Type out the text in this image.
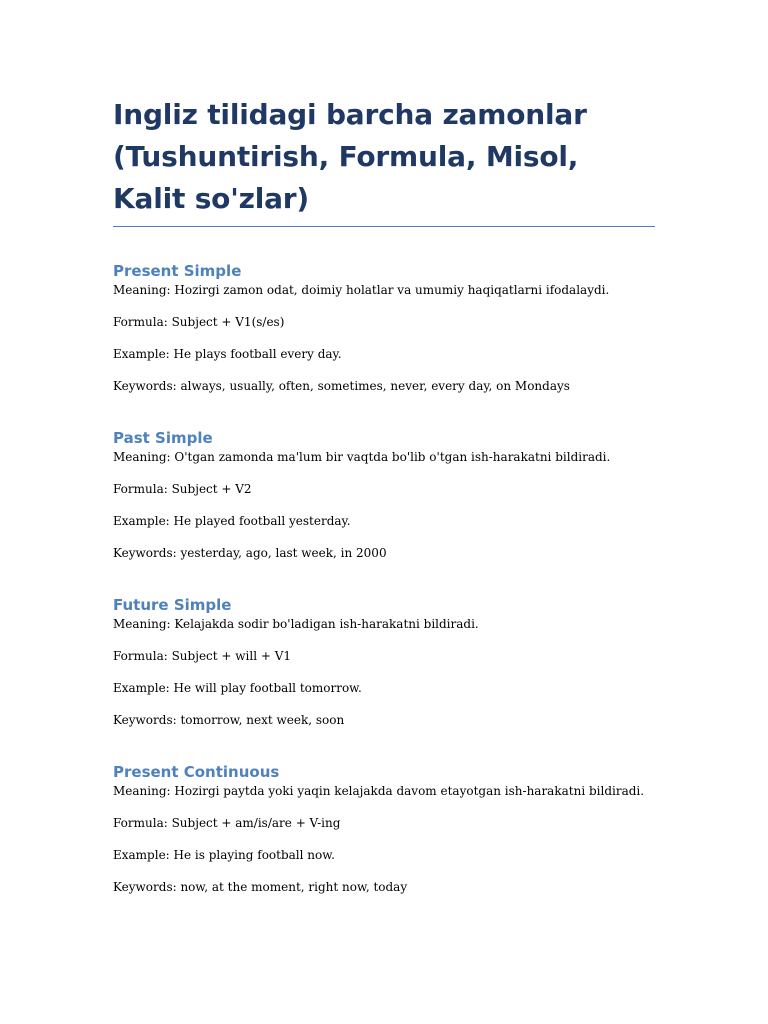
Ingliz tilidagi barcha zamonlar (Tushuntirish, Formula, Misol, Kalit so'zlar)
Present Simple

Meaning: Hozirgi zamon odat, doimiy holatlar va umumiy haqiqatlarni ifodalaydi.

Formula: Subject + V1(s/es)

Example: He plays football every day.

Keywords: always, usually, often, sometimes, never, every day, on Mondays

Past Simple

Meaning: O'tgan zamonda ma'lum bir vaqtda bo'lib o'tgan ish-harakatni bildiradi.

Formula: Subject + V2

Example: He played football yesterday.

Keywords: yesterday, ago, last week, in 2000

Future Simple

Meaning: Kelajakda sodir bo'ladigan ish-harakatni bildiradi.

Formula: Subject + will + V1

Example: He will play football tomorrow.

Keywords: tomorrow, next week, soon

Present Continuous

Meaning: Hozirgi paytda yoki yaqin kelajakda davom etayotgan ish-harakatni bildiradi.

Formula: Subject + am/is/are + V-ing

Example: He is playing football now.

Keywords: now, at the moment, right now, today
